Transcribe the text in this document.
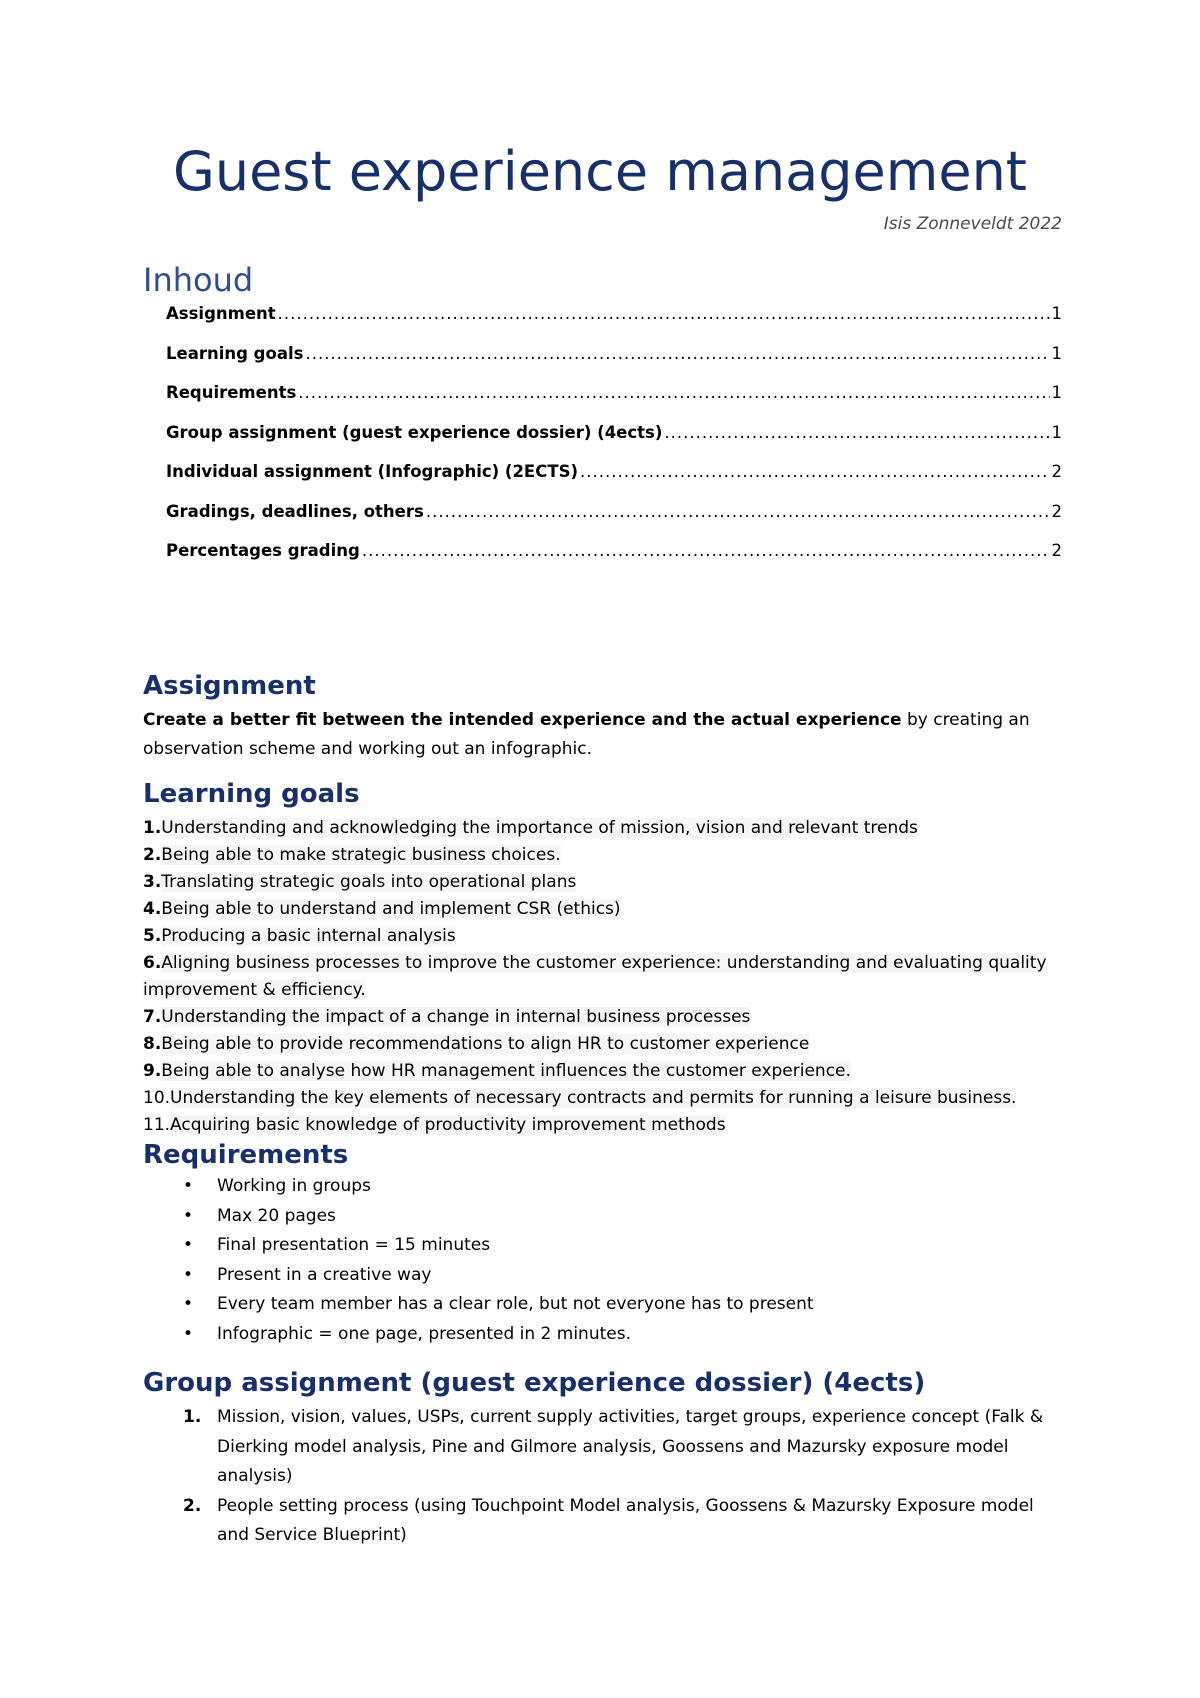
Guest experience management
Isis Zonneveldt 2022
Inhoud
Assignment .....	1
Learning goals .....	1
Requirements .....	1
Group assignment (guest experience dossier) (4ects) .....	1
Individual assignment (Infographic) (2ECTS) .....	2
Gradings, deadlines, others .....	2
Percentages grading .....	2
Assignment
Create a better fit between the intended experience and the actual experience by creating an observation scheme and working out an infographic.
Learning goals
1.Understanding and acknowledging the importance of mission, vision and relevant trends
2.Being able to make strategic business choices.
3.Translating strategic goals into operational plans
4.Being able to understand and implement CSR (ethics)
5.Producing a basic internal analysis
6.Aligning business processes to improve the customer experience: understanding and evaluating quality improvement & efficiency.
7.Understanding the impact of a change in internal business processes
8.Being able to provide recommendations to align HR to customer experience
9.Being able to analyse how HR management influences the customer experience.
10.Understanding the key elements of necessary contracts and permits for running a leisure business.
11.Acquiring basic knowledge of productivity improvement methods
Requirements
• Working in groups
• Max 20 pages
• Final presentation = 15 minutes
• Present in a creative way
• Every team member has a clear role, but not everyone has to present
• Infographic = one page, presented in 2 minutes.
Group assignment (guest experience dossier) (4ects)
1. Mission, vision, values, USPs, current supply activities, target groups, experience concept (Falk & Dierking model analysis, Pine and Gilmore analysis, Goossens and Mazursky exposure model analysis)
2. People setting process (using Touchpoint Model analysis, Goossens & Mazursky Exposure model and Service Blueprint)
